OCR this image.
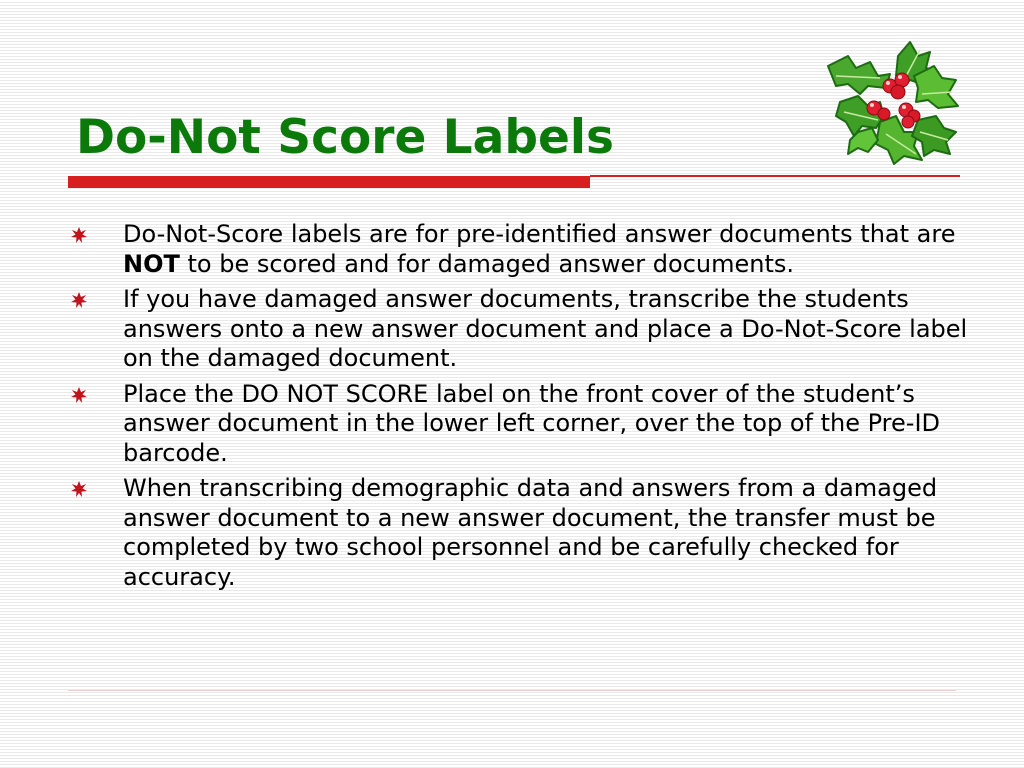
Do-Not Score Labels
Do-Not-Score labels are for pre-identified answer documents that are NOT to be scored and for damaged answer documents.
If you have damaged answer documents, transcribe the students answers onto a new answer document and place a Do-Not-Score label on the damaged document.
Place the DO NOT SCORE label on the front cover of the student’s answer document in the lower left corner, over the top of the Pre-ID barcode.
When transcribing demographic data and answers from a damaged answer document to a new answer document, the transfer must be completed by two school personnel and be carefully checked for accuracy.
